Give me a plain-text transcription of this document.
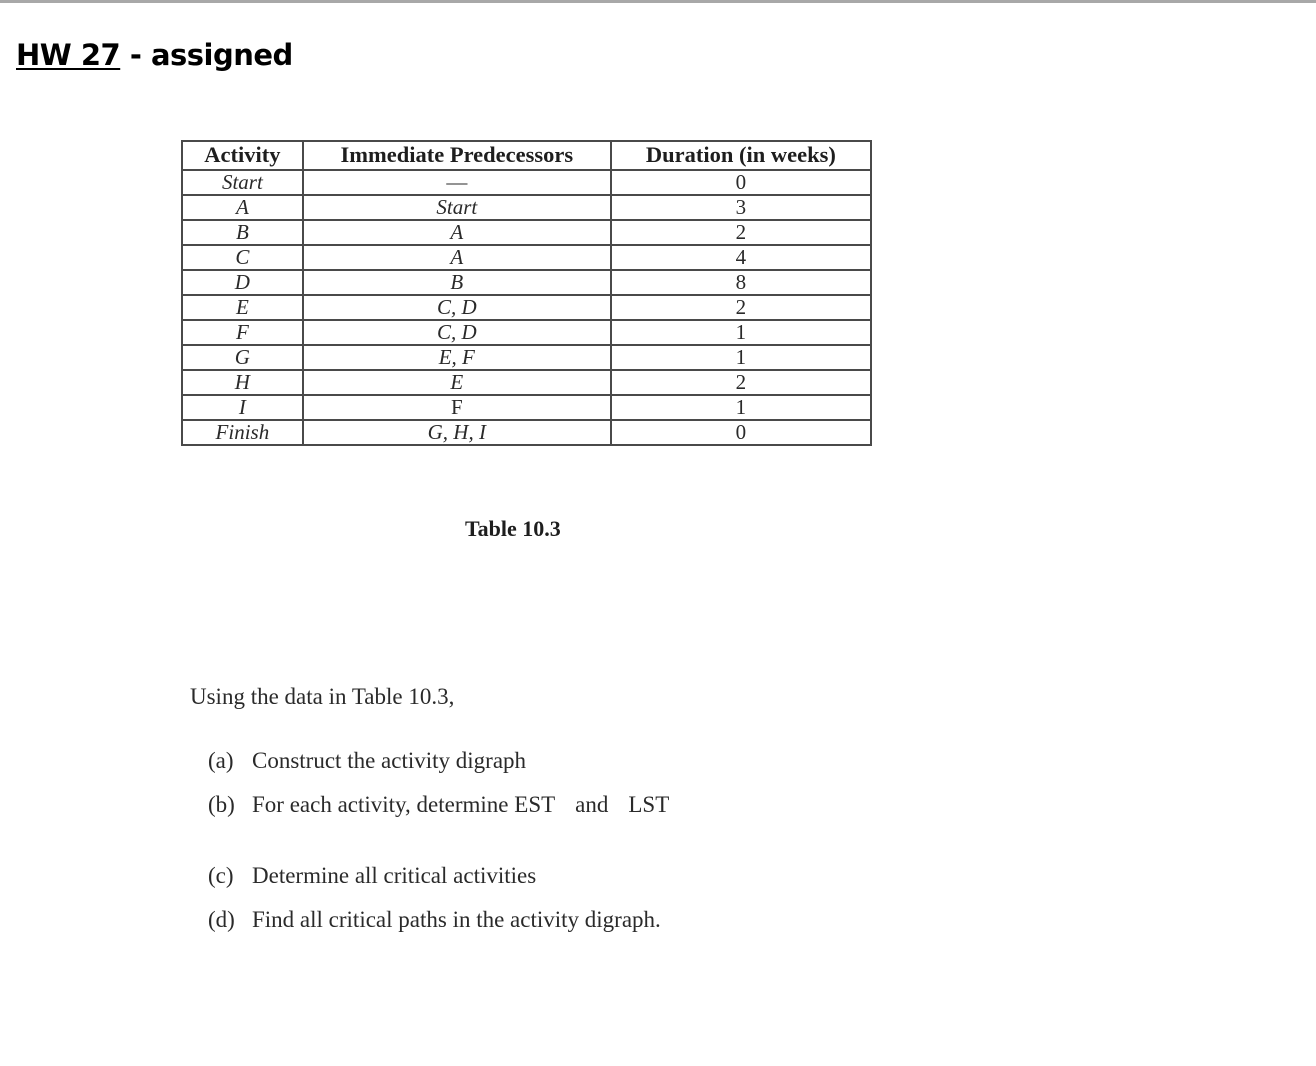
HW 27 - assigned
Activity	Immediate Predecessors	Duration (in weeks)
Start	—	0
A	Start	3
B	A	2
C	A	4
D	B	8
E	C, D	2
F	C, D	1
G	E, F	1
H	E	2
I	F	1
Finish	G, H, I	0
Table 10.3
Using the data in Table 10.3,
(a) Construct the activity digraph
(b) For each activity, determine EST and LST
(c) Determine all critical activities
(d) Find all critical paths in the activity digraph.
